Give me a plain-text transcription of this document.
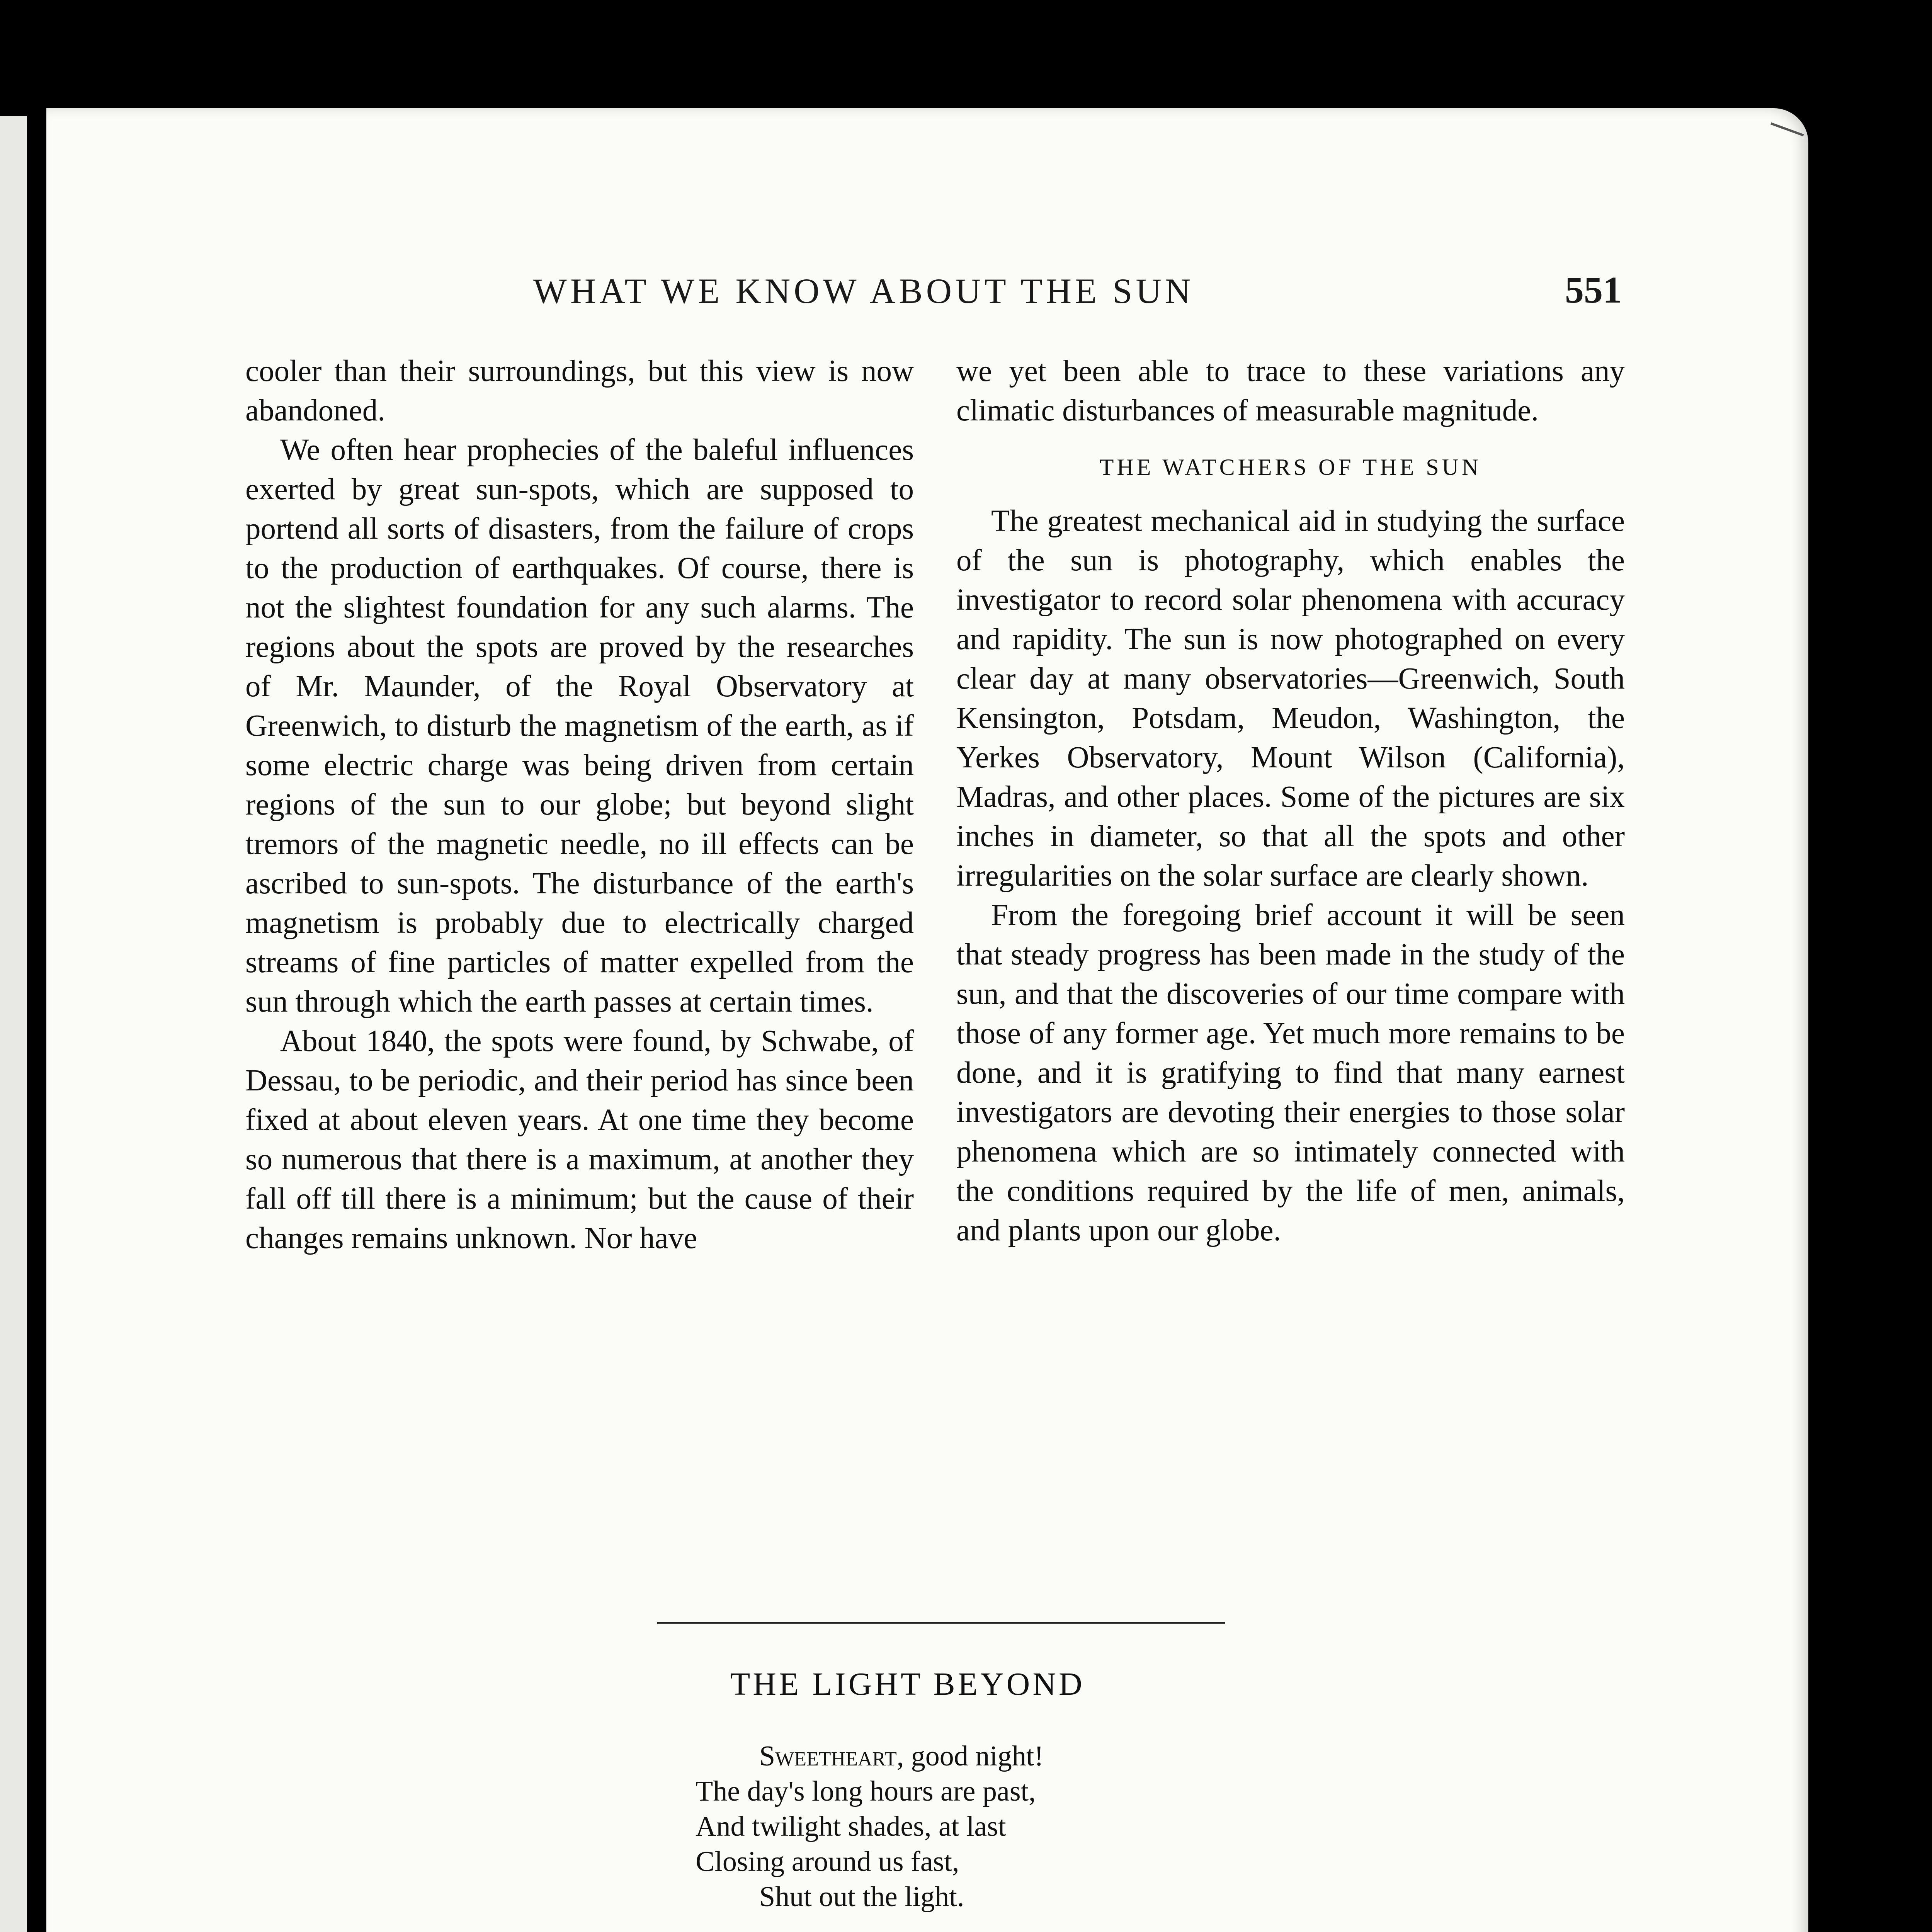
WHAT WE KNOW ABOUT THE SUN	551

cooler than their surroundings, but this view is now abandoned.

We often hear prophecies of the baleful influences exerted by great sun-spots, which are supposed to portend all sorts of disasters, from the failure of crops to the production of earthquakes. Of course, there is not the slightest foundation for any such alarms. The regions about the spots are proved by the researches of Mr. Maunder, of the Royal Observatory at Greenwich, to disturb the magnetism of the earth, as if some electric charge was being driven from certain regions of the sun to our globe; but beyond slight tremors of the magnetic needle, no ill effects can be ascribed to sun-spots. The disturbance of the earth's magnetism is probably due to electrically charged streams of fine particles of matter expelled from the sun through which the earth passes at certain times.

About 1840, the spots were found, by Schwabe, of Dessau, to be periodic, and their period has since been fixed at about eleven years. At one time they become so numerous that there is a maximum, at another they fall off till there is a minimum; but the cause of their changes remains unknown. Nor have

we yet been able to trace to these variations any climatic disturbances of measurable magnitude.

THE WATCHERS OF THE SUN

The greatest mechanical aid in studying the surface of the sun is photography, which enables the investigator to record solar phenomena with accuracy and rapidity. The sun is now photographed on every clear day at many observatories—Greenwich, South Kensington, Potsdam, Meudon, Washington, the Yerkes Observatory, Mount Wilson (California), Madras, and other places. Some of the pictures are six inches in diameter, so that all the spots and other irregularities on the solar surface are clearly shown.

From the foregoing brief account it will be seen that steady progress has been made in the study of the sun, and that the discoveries of our time compare with those of any former age. Yet much more remains to be done, and it is gratifying to find that many earnest investigators are devoting their energies to those solar phenomena which are so intimately connected with the conditions required by the life of men, animals, and plants upon our globe.

THE LIGHT BEYOND
Sweetheart, good night!
The day's long hours are past,
And twilight shades, at last
Closing around us fast,
Shut out the light.
